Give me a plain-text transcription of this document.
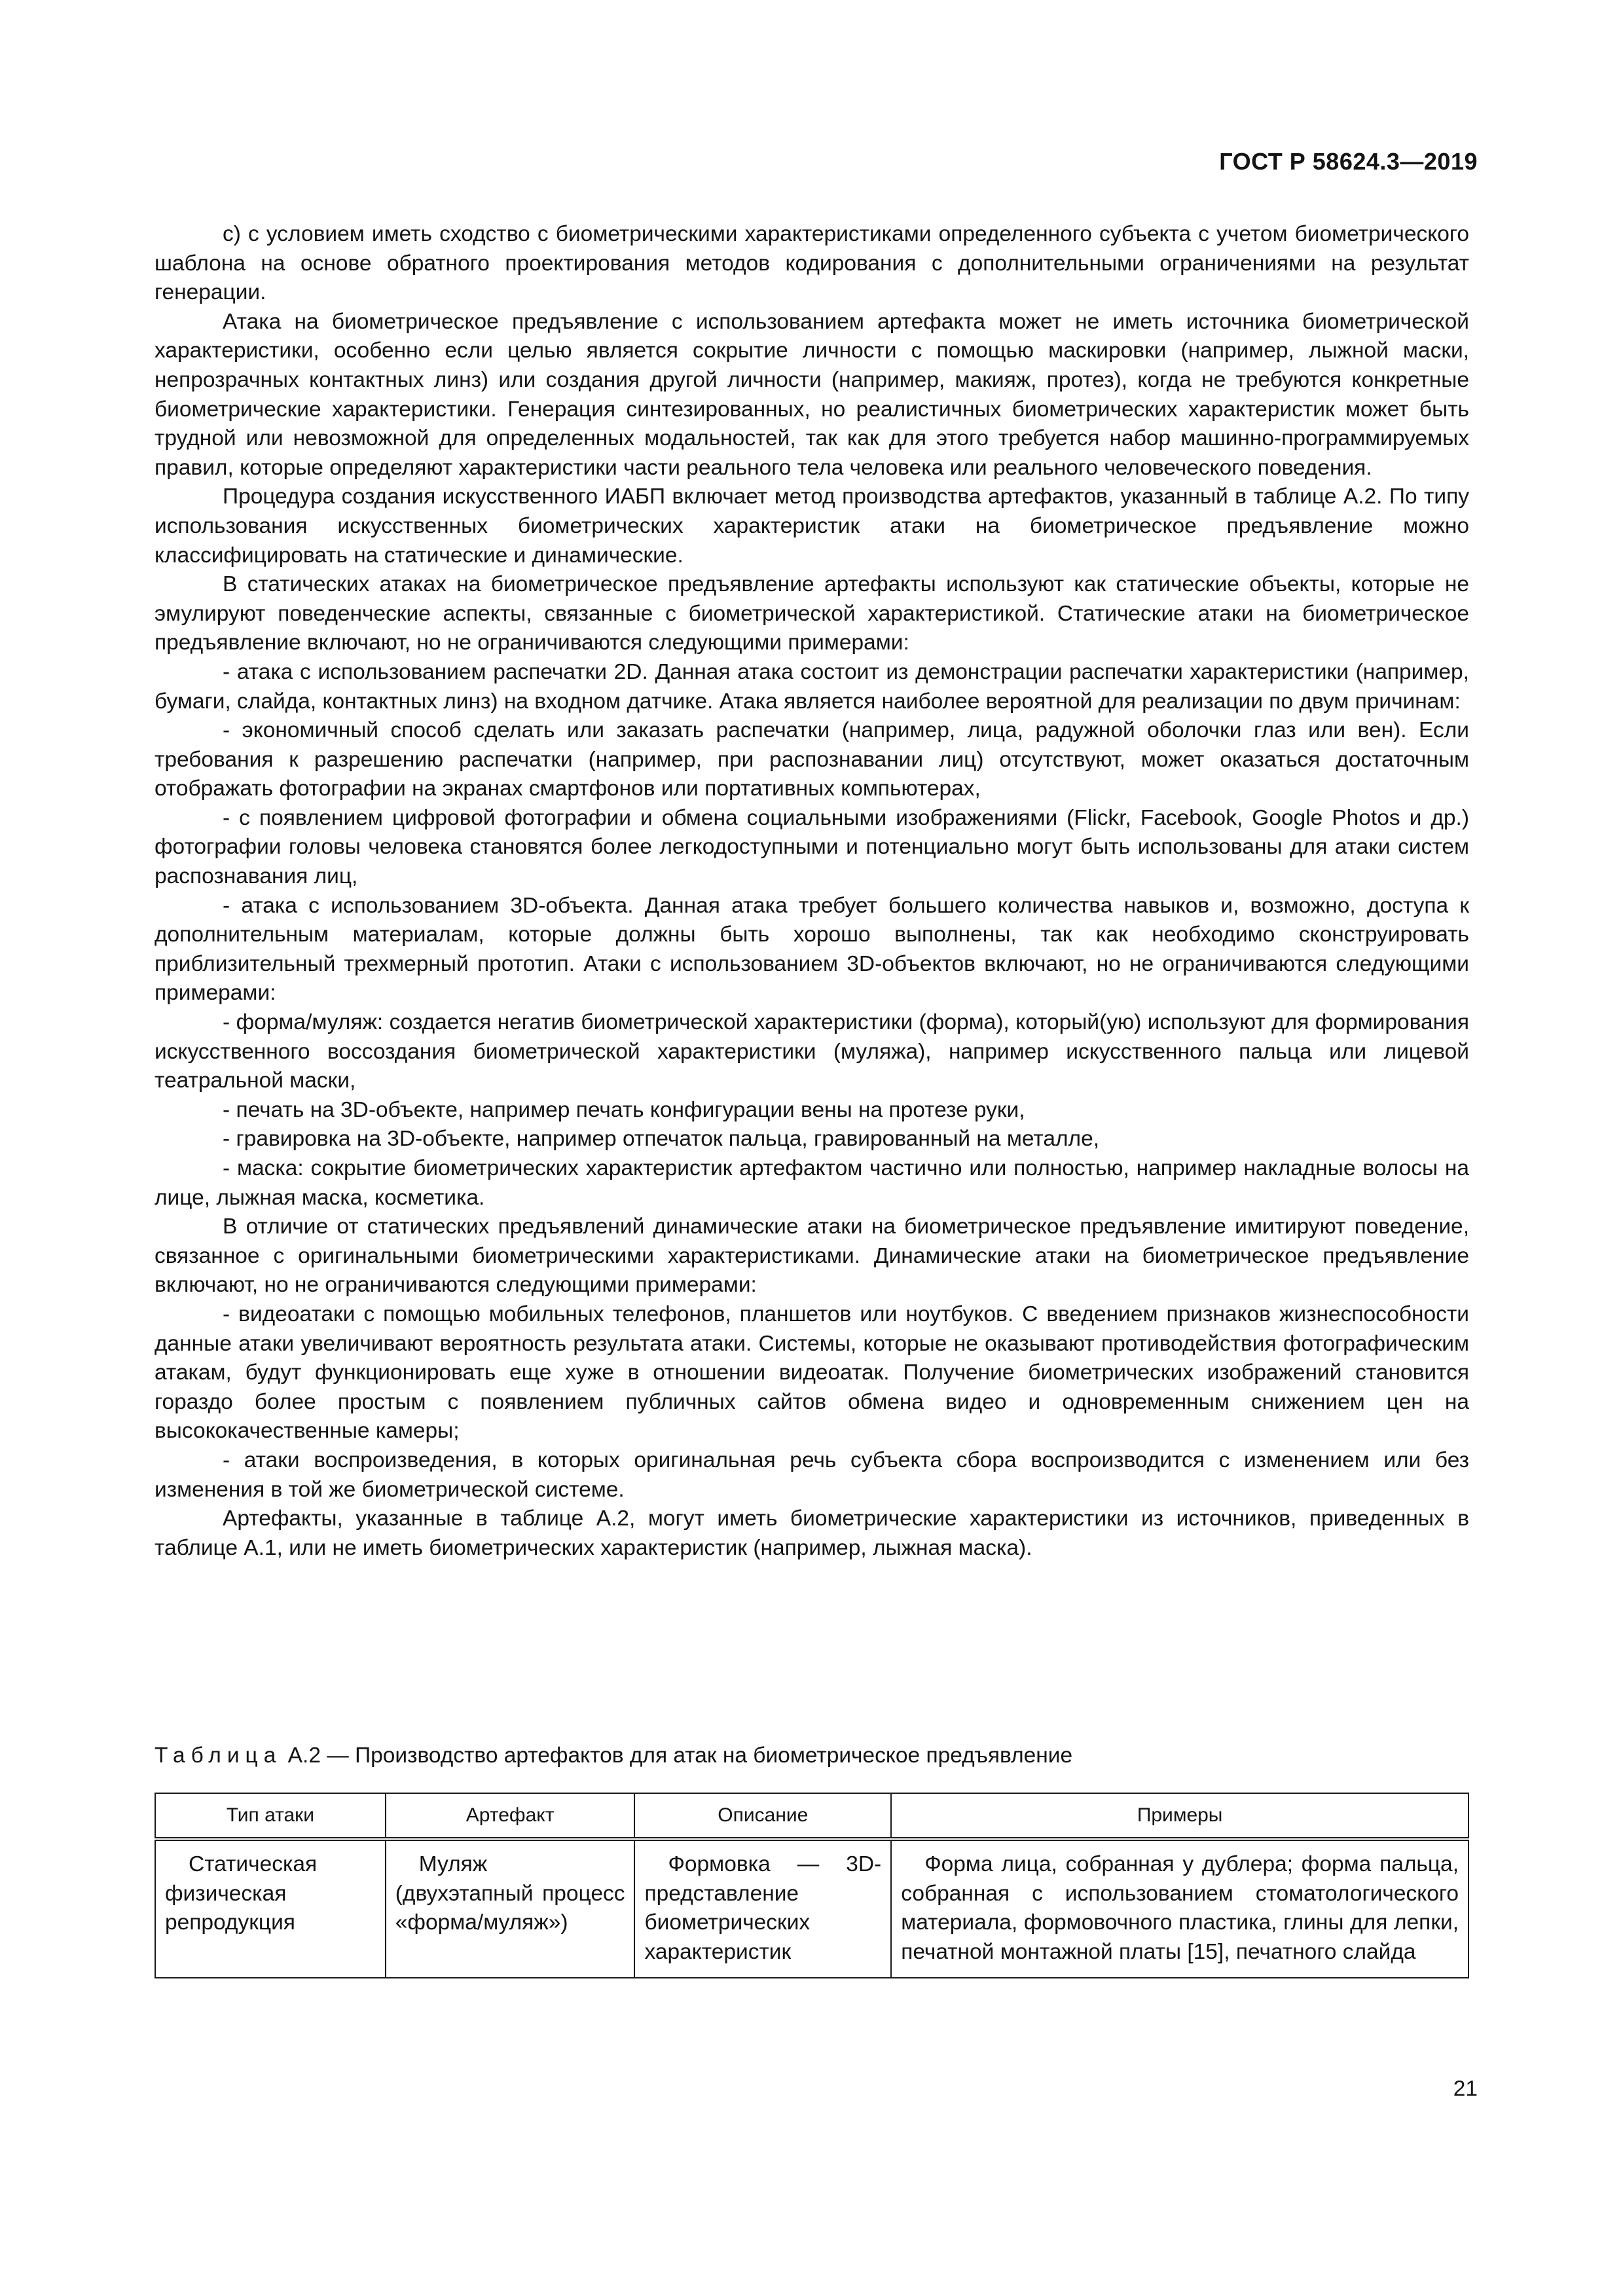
ГОСТ Р 58624.3—2019

c) с условием иметь сходство с биометрическими характеристиками определенного субъекта с учетом биометрического шаблона на основе обратного проектирования методов кодирования с дополнительными ограничениями на результат генерации.

Атака на биометрическое предъявление с использованием артефакта может не иметь источника биометрической характеристики, особенно если целью является сокрытие личности с помощью маскировки (например, лыжной маски, непрозрачных контактных линз) или создания другой личности (например, макияж, протез), когда не требуются конкретные биометрические характеристики. Генерация синтезированных, но реалистичных биометрических характеристик может быть трудной или невозможной для определенных модальностей, так как для этого требуется набор машинно-программируемых правил, которые определяют характеристики части реального тела человека или реального человеческого поведения.

Процедура создания искусственного ИАБП включает метод производства артефактов, указанный в таблице А.2. По типу использования искусственных биометрических характеристик атаки на биометрическое предъявление можно классифицировать на статические и динамические.

В статических атаках на биометрическое предъявление артефакты используют как статические объекты, которые не эмулируют поведенческие аспекты, связанные с биометрической характеристикой. Статические атаки на биометрическое предъявление включают, но не ограничиваются следующими примерами:

- атака с использованием распечатки 2D. Данная атака состоит из демонстрации распечатки характеристики (например, бумаги, слайда, контактных линз) на входном датчике. Атака является наиболее вероятной для реализации по двум причинам:

- экономичный способ сделать или заказать распечатки (например, лица, радужной оболочки глаз или вен). Если требования к разрешению распечатки (например, при распознавании лиц) отсутствуют, может оказаться достаточным отображать фотографии на экранах смартфонов или портативных компьютерах,

- с появлением цифровой фотографии и обмена социальными изображениями (Flickr, Facebook, Google Photos и др.) фотографии головы человека становятся более легкодоступными и потенциально могут быть использованы для атаки систем распознавания лиц,

- атака с использованием 3D-объекта. Данная атака требует большего количества навыков и, возможно, доступа к дополнительным материалам, которые должны быть хорошо выполнены, так как необходимо сконструировать приблизительный трехмерный прототип. Атаки с использованием 3D-объектов включают, но не ограничиваются следующими примерами:

- форма/муляж: создается негатив биометрической характеристики (форма), который(ую) используют для формирования искусственного воссоздания биометрической характеристики (муляжа), например искусственного пальца или лицевой театральной маски,

- печать на 3D-объекте, например печать конфигурации вены на протезе руки,

- гравировка на 3D-объекте, например отпечаток пальца, гравированный на металле,

- маска: сокрытие биометрических характеристик артефактом частично или полностью, например накладные волосы на лице, лыжная маска, косметика.

В отличие от статических предъявлений динамические атаки на биометрическое предъявление имитируют поведение, связанное с оригинальными биометрическими характеристиками. Динамические атаки на биометрическое предъявление включают, но не ограничиваются следующими примерами:

- видеоатаки с помощью мобильных телефонов, планшетов или ноутбуков. С введением признаков жизнеспособности данные атаки увеличивают вероятность результата атаки. Системы, которые не оказывают противодействия фотографическим атакам, будут функционировать еще хуже в отношении видеоатак. Получение биометрических изображений становится гораздо более простым с появлением публичных сайтов обмена видео и одновременным снижением цен на высококачественные камеры;

- атаки воспроизведения, в которых оригинальная речь субъекта сбора воспроизводится с изменением или без изменения в той же биометрической системе.

Артефакты, указанные в таблице А.2, могут иметь биометрические характеристики из источников, приведенных в таблице А.1, или не иметь биометрических характеристик (например, лыжная маска).

Таблица А.2 — Производство артефактов для атак на биометрическое предъявление
Тип атаки	Артефакт	Описание	Примеры
Статическая физическая репродукция	Муляж (двухэтапный процесс «форма/муляж»)	Формовка — 3D-представление биометрических характеристик	Форма лица, собранная у дублера; форма пальца, собранная с использованием стоматологического материала, формовочного пластика, глины для лепки, печатной монтажной платы [15], печатного слайда
21
